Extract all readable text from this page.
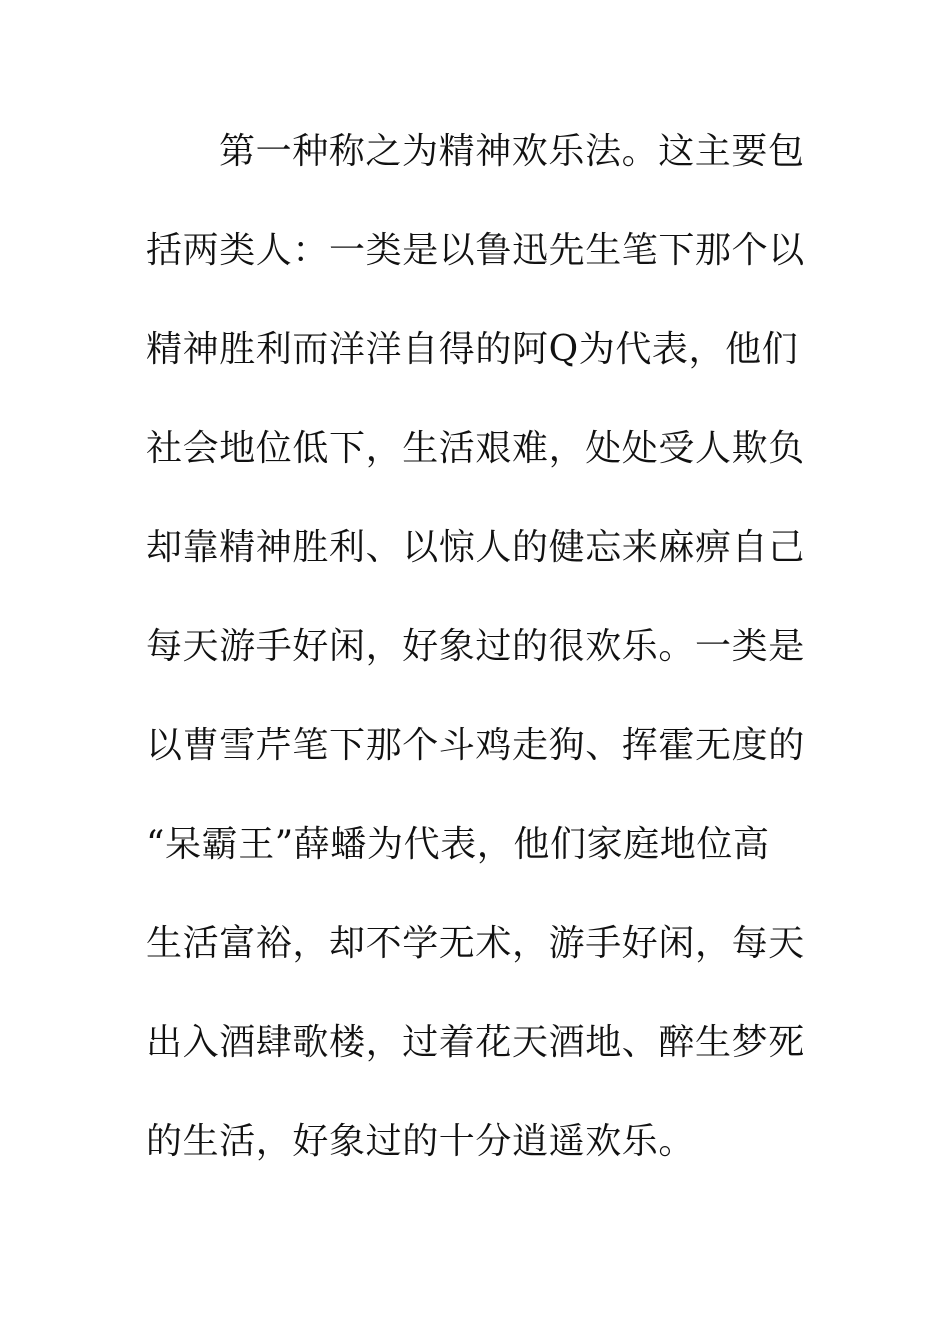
第一种称之为精神欢乐法。这主要包
括两类人：一类是以鲁迅先生笔下那个以
精神胜利而洋洋自得的阿Q为代表，他们
社会地位低下，生活艰难，处处受人欺负
却靠精神胜利、以惊人的健忘来麻痹自己
每天游手好闲，好象过的很欢乐。一类是
以曹雪芹笔下那个斗鸡走狗、挥霍无度的
“呆霸王”薛蟠为代表，他们家庭地位高
生活富裕，却不学无术，游手好闲，每天
出入酒肆歌楼，过着花天酒地、醉生梦死
的生活，好象过的十分逍遥欢乐。
